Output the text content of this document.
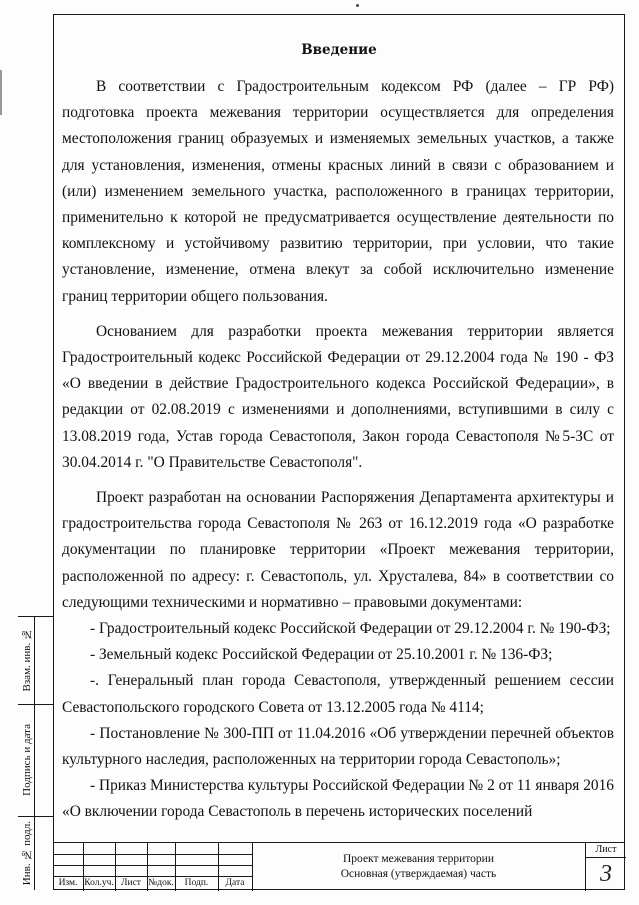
Введение

В соответствии с Градостроительным кодексом РФ (далее – ГР РФ) подготовка проекта межевания территории осуществляется для определения местоположения границ образуемых и изменяемых земельных участков, а также для установления, изменения, отмены красных линий в связи с образованием и (или) изменением земельного участка, расположенного в границах территории, применительно к которой не предусматривается осуществление деятельности по комплексному и устойчивому развитию территории, при условии, что такие установление, изменение, отмена влекут за собой исключительно изменение границ территории общего пользования.

Основанием для разработки проекта межевания территории является Градостроительный кодекс Российской Федерации от 29.12.2004 года № 190 - ФЗ «О введении в действие Градостроительного кодекса Российской Федерации», в редакции от 02.08.2019 с изменениями и дополнениями, вступившими в силу с 13.08.2019 года, Устав города Севастополя, Закон города Севастополя №5-ЗС от 30.04.2014 г. "О Правительстве Севастополя".

Проект разработан на основании Распоряжения Департамента архитектуры и градостроительства города Севастополя № 263 от 16.12.2019 года «О разработке документации по планировке территории «Проект межевания территории, расположенной по адресу: г. Севастополь, ул. Хрусталева, 84» в соответствии со следующими техническими и нормативно – правовыми документами:

- Градостроительный кодекс Российской Федерации от 29.12.2004 г. № 190-ФЗ;

- Земельный кодекс Российской Федерации от 25.10.2001 г. № 136-ФЗ;

-. Генеральный план города Севастополя, утвержденный решением сессии Севастопольского городского Совета от 13.12.2005 года № 4114;

- Постановление № 300-ПП от 11.04.2016 «Об утверждении перечней объектов культурного наследия, расположенных на территории города Севастополь»;

- Приказ Министерства культуры Российской Федерации № 2 от 11 января 2016 «О включении города Севастополь в перечень исторических поселений

Взам. инв. №
Подпись и дата
Инв. № подл.	Изм. Кол.уч. Лист №док.	Подп.	Дата
Проект межевания территории
Основная (утверждаемая) часть
Лист
3
